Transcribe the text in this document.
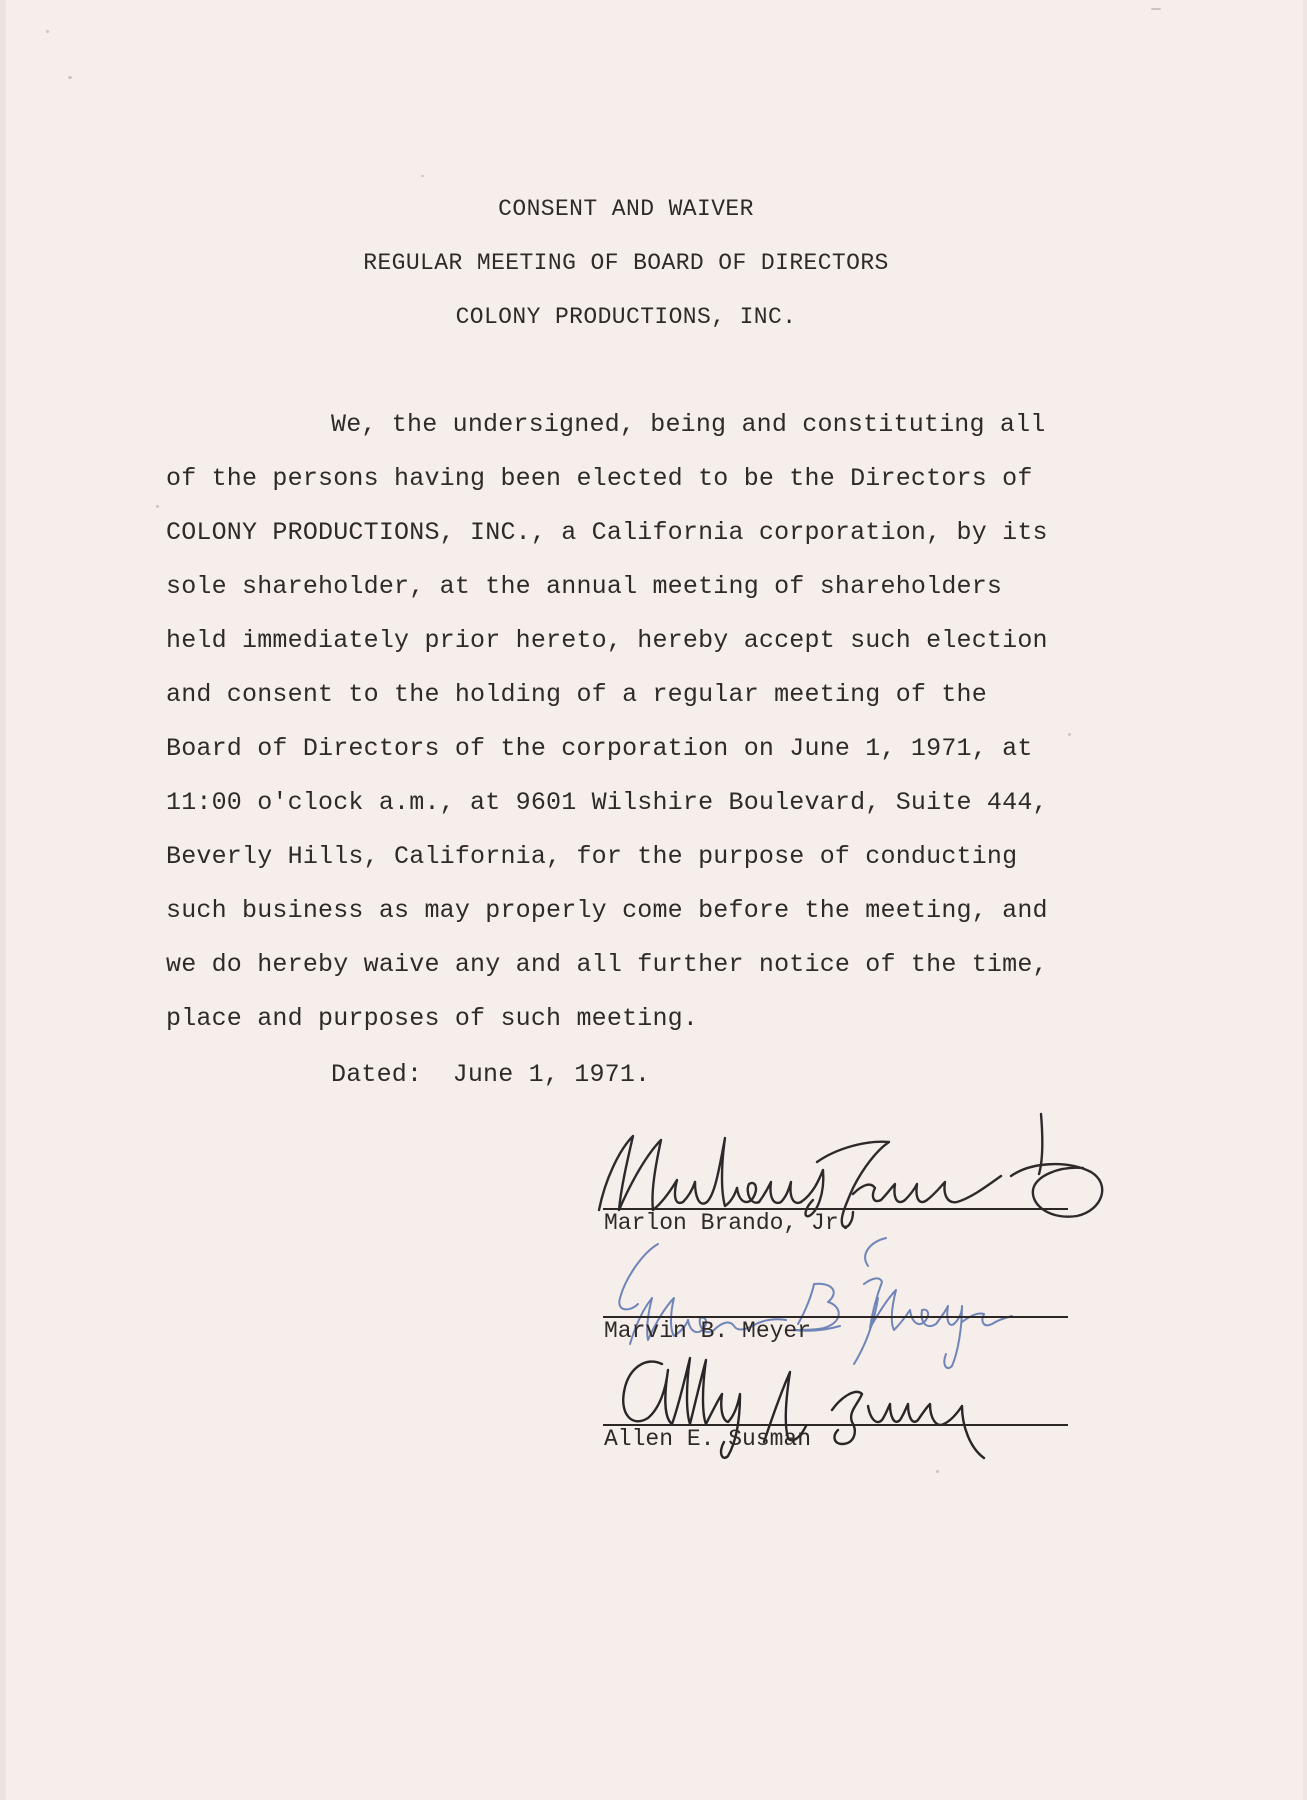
CONSENT AND WAIVER
REGULAR MEETING OF BOARD OF DIRECTORS
COLONY PRODUCTIONS, INC.
We, the undersigned, being and constituting all
of the persons having been elected to be the Directors of
COLONY PRODUCTIONS, INC., a California corporation, by its
sole shareholder, at the annual meeting of shareholders
held immediately prior hereto, hereby accept such election
and consent to the holding of a regular meeting of the
Board of Directors of the corporation on June 1, 1971, at
11:00 o'clock a.m., at 9601 Wilshire Boulevard, Suite 444,
Beverly Hills, California, for the purpose of conducting
such business as may properly come before the meeting, and
we do hereby waive any and all further notice of the time,
place and purposes of such meeting.
Dated:  June 1, 1971.
Marlon Brando, Jr.
Marvin B. Meyer
Allen E. Susman
